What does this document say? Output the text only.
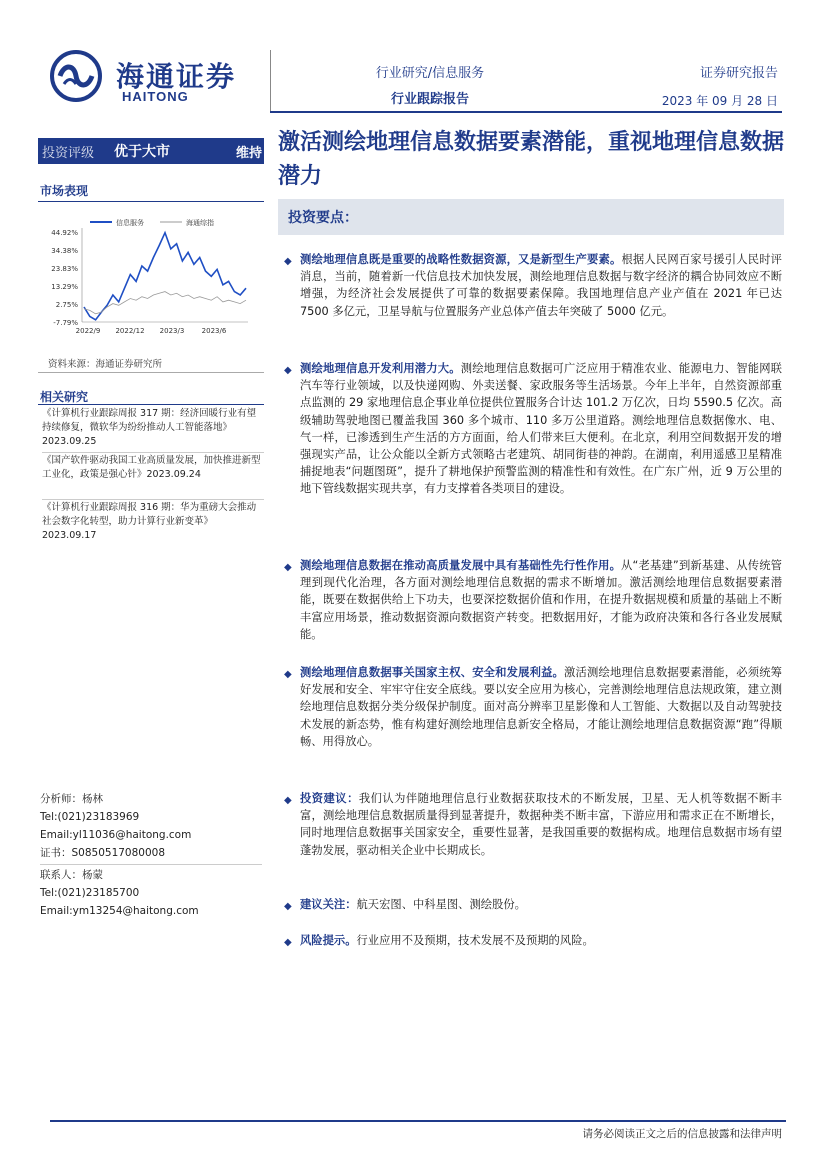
海通证券
HAITONG
行业研究/信息服务
行业跟踪报告
证券研究报告
2023 年 09 月 28 日
投资评级	优于大市	维持 激活测绘地理信息数据要素潜能，重视地理信息数据潜力
市场表现
44.92%
34.38%
23.83%
13.29%
2.75%
-7.79%
2022/9 2022/12 2023/3 2023/6
信息服务	海通综指
资料来源：海通证券研究所
相关研究
《计算机行业跟踪周报 317 期：经济回暖行业有望持续修复，微软华为纷纷推动人工智能落地》2023.09.25
《国产软件驱动我国工业高质量发展，加快推进新型工业化，政策是强心针》2023.09.24
《计算机行业跟踪周报 316 期：华为重磅大会推动社会数字化转型，助力计算行业新变革》2023.09.17
分析师：杨林
Tel:(021)23183969
Email:yl11036@haitong.com
证书：S0850517080008
联系人：杨蒙
Tel:(021)23185700
Email:ym13254@haitong.com
投资要点：
◆ 测绘地理信息既是重要的战略性数据资源，又是新型生产要素。根据人民网百家号援引人民时评消息，当前，随着新一代信息技术加快发展，测绘地理信息数据与数字经济的耦合协同效应不断增强，为经济社会发展提供了可靠的数据要素保障。我国地理信息产业产值在 2021 年已达 7500 多亿元，卫星导航与位置服务产业总体产值去年突破了 5000 亿元。
◆ 测绘地理信息开发利用潜力大。测绘地理信息数据可广泛应用于精准农业、能源电力、智能网联汽车等行业领域，以及快递网购、外卖送餐、家政服务等生活场景。今年上半年，自然资源部重点监测的 29 家地理信息企事业单位提供位置服务合计达 101.2 万亿次，日均 5590.5 亿次。高级辅助驾驶地图已覆盖我国 360 多个城市、110 多万公里道路。测绘地理信息数据像水、电、气一样，已渗透到生产生活的方方面面，给人们带来巨大便利。在北京，利用空间数据开发的增强现实产品，让公众能以全新方式领略古老建筑、胡同街巷的神韵。在湖南，利用遥感卫星精准捕捉地表“问题图斑”，提升了耕地保护预警监测的精准性和有效性。在广东广州，近 9 万公里的地下管线数据实现共享，有力支撑着各类项目的建设。
◆ 测绘地理信息数据在推动高质量发展中具有基础性先行性作用。从“老基建”到新基建、从传统管理到现代化治理，各方面对测绘地理信息数据的需求不断增加。激活测绘地理信息数据要素潜能，既要在数据供给上下功夫，也要深挖数据价值和作用，在提升数据规模和质量的基础上不断丰富应用场景，推动数据资源向数据资产转变。把数据用好，才能为政府决策和各行各业发展赋能。
◆ 测绘地理信息数据事关国家主权、安全和发展利益。激活测绘地理信息数据要素潜能，必须统筹好发展和安全、牢牢守住安全底线。要以安全应用为核心，完善测绘地理信息法规政策，建立测绘地理信息数据分类分级保护制度。面对高分辨率卫星影像和人工智能、大数据以及自动驾驶技术发展的新态势，惟有构建好测绘地理信息新安全格局，才能让测绘地理信息数据资源“跑”得顺畅、用得放心。
◆ 投资建议：我们认为伴随地理信息行业数据获取技术的不断发展，卫星、无人机等数据不断丰富，测绘地理信息数据质量得到显著提升，数据种类不断丰富，下游应用和需求正在不断增长，同时地理信息数据事关国家安全，重要性显著，是我国重要的数据构成。地理信息数据市场有望蓬勃发展，驱动相关企业中长期成长。
◆ 建议关注：航天宏图、中科星图、测绘股份。
◆ 风险提示。行业应用不及预期，技术发展不及预期的风险。
请务必阅读正文之后的信息披露和法律声明
